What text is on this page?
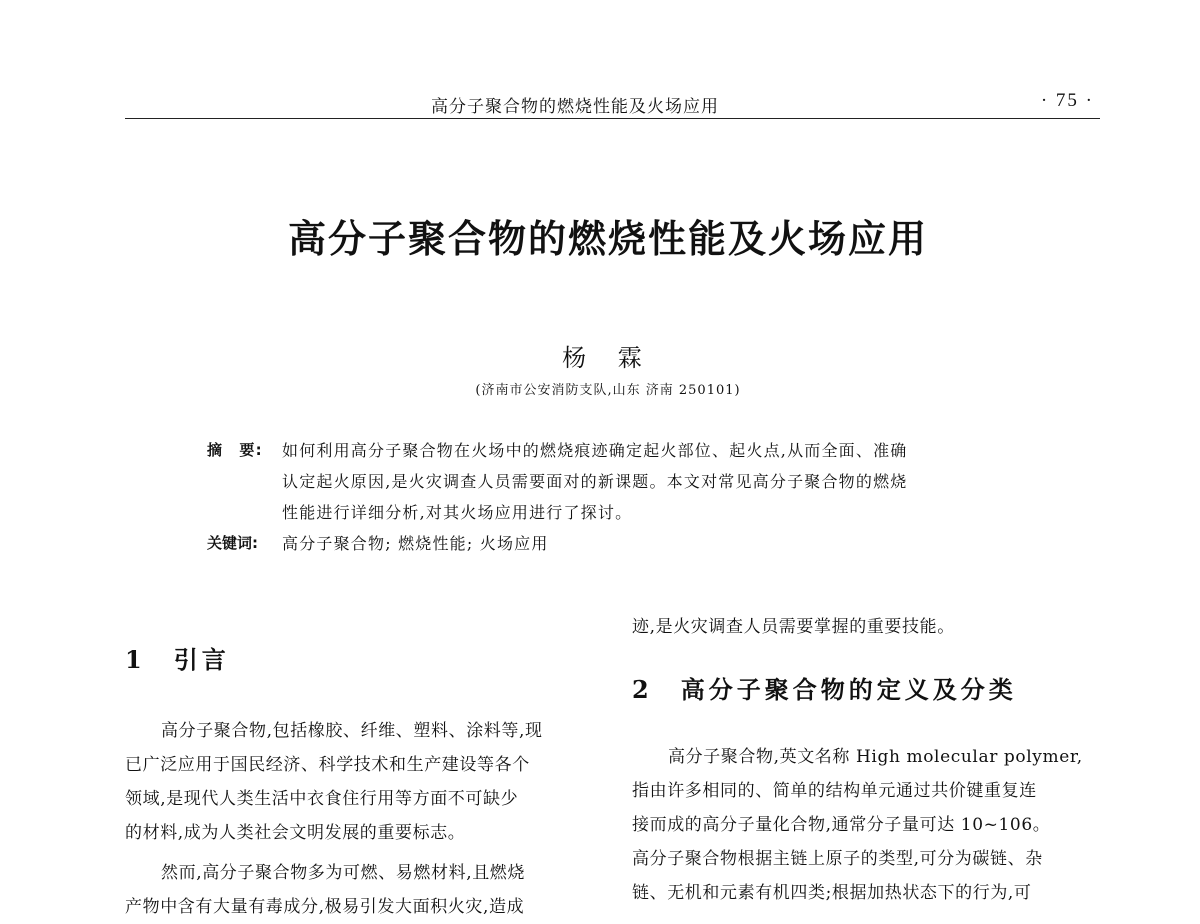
高分子聚合物的燃烧性能及火场应用	· 75 ·
高分子聚合物的燃烧性能及火场应用
杨 霖
(济南市公安消防支队,山东 济南 250101)
摘　要:	如何利用高分子聚合物在火场中的燃烧痕迹确定起火部位、起火点,从而全面、准确
认定起火原因,是火灾调查人员需要面对的新课题。本文对常见高分子聚合物的燃烧
性能进行详细分析,对其火场应用进行了探讨。
关键词:	高分子聚合物; 燃烧性能; 火场应用
1　引言
高分子聚合物,包括橡胶、纤维、塑料、涂料等,现
已广泛应用于国民经济、科学技术和生产建设等各个
领域,是现代人类生活中衣食住行用等方面不可缺少
的材料,成为人类社会文明发展的重要标志。
然而,高分子聚合物多为可燃、易燃材料,且燃烧
产物中含有大量有毒成分,极易引发大面积火灾,造成
迹,是火灾调查人员需要掌握的重要技能。
2　高分子聚合物的定义及分类
高分子聚合物,英文名称 High molecular polymer,
指由许多相同的、简单的结构单元通过共价键重复连
接而成的高分子量化合物,通常分子量可达 10~106。
高分子聚合物根据主链上原子的类型,可分为碳链、杂
链、无机和元素有机四类;根据加热状态下的行为,可
